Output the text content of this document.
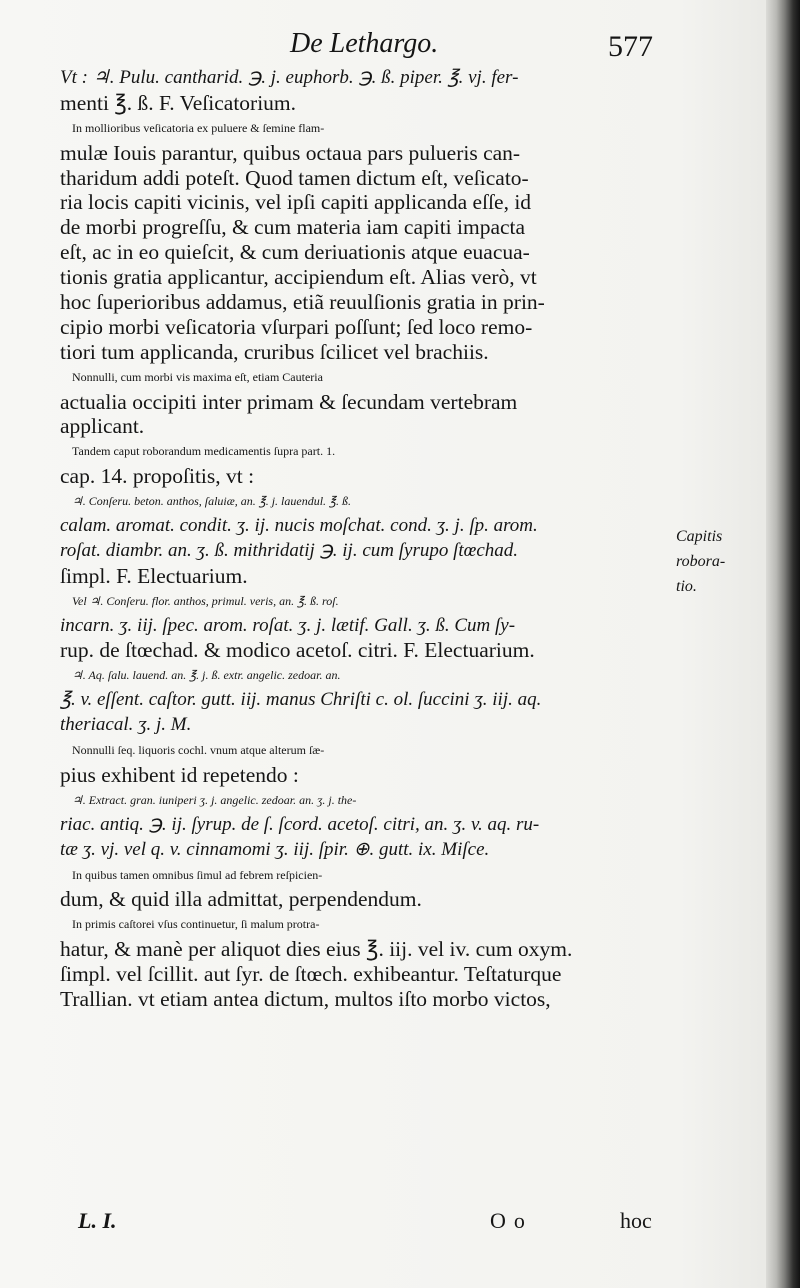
De Lethargo.	577
Vt : ♃. Pulu. cantharid. ℈. j. euphorb. ℈. ß. piper. ℥. vj. fer-
menti ℥. ß. F. Veſicatorium.
In mollioribus veſicatoria ex puluere & ſemine flam-
mulæ Iouis parantur, quibus octaua pars pulueris can-
tharidum addi poteſt. Quod tamen dictum eſt, veſicato-
ria locis capiti vicinis, vel ipſi capiti applicanda eſſe, id
de morbi progreſſu, & cum materia iam capiti impacta
eſt, ac in eo quieſcit, & cum deriuationis atque euacua-
tionis gratia applicantur, accipiendum eſt. Alias verò, vt
hoc ſuperioribus addamus, etiã reuulſionis gratia in prin-
cipio morbi veſicatoria vſurpari poſſunt; ſed loco remo-
tiori tum applicanda, cruribus ſcilicet vel brachiis.
Nonnulli, cum morbi vis maxima eſt, etiam Cauteria
actualia occipiti inter primam & ſecundam vertebram
applicant.
Tandem caput roborandum medicamentis ſupra part. 1.
cap. 14. propoſitis, vt :
♃. Conſeru. beton. anthos, ſaluiæ, an. ℥. j. lauendul. ℥. ß.
calam. aromat. condit. ʒ. ij. nucis moſchat. cond. ʒ. j. ſp. arom.
roſat. diambr. an. ʒ. ß. mithridatij ℈. ij. cum ſyrupo ſtœchad.
ſimpl. F. Electuarium.
Vel ♃. Conſeru. flor. anthos, primul. veris, an. ℥. ß. roſ.
incarn. ʒ. iij. ſpec. arom. roſat. ʒ. j. lætif. Gall. ʒ. ß. Cum ſy-
rup. de ſtœchad. & modico acetoſ. citri. F. Electuarium.
♃. Aq. ſalu. lauend. an. ℥. j. ß. extr. angelic. zedoar. an.
℥. v. eſſent. caſtor. gutt. iij. manus Chriſti c. ol. ſuccini ʒ. iij. aq.
theriacal. ʒ. j. M.
Nonnulli ſeq. liquoris cochl. vnum atque alterum ſæ-
pius exhibent id repetendo :
♃. Extract. gran. iuniperi ʒ. j. angelic. zedoar. an. ʒ. j. the-
riac. antiq. ℈. ij. ſyrup. de ſ. ſcord. acetoſ. citri, an. ʒ. v. aq. ru-
tæ ʒ. vj. vel q. v. cinnamomi ʒ. iij. ſpir. ⊕. gutt. ix. Miſce.
In quibus tamen omnibus ſimul ad febrem reſpicien-
dum, & quid illa admittat, perpendendum.
In primis caſtorei vſus continuetur, ſi malum protra-
hatur, & manè per aliquot dies eius ℥. iij. vel iv. cum oxym.
ſimpl. vel ſcillit. aut ſyr. de ſtœch. exhibeantur. Teſtaturque
Trallian. vt etiam antea dictum, multos iſto morbo victos,
Capitis
robora-
tio.
L. I.	Oo	hoc
